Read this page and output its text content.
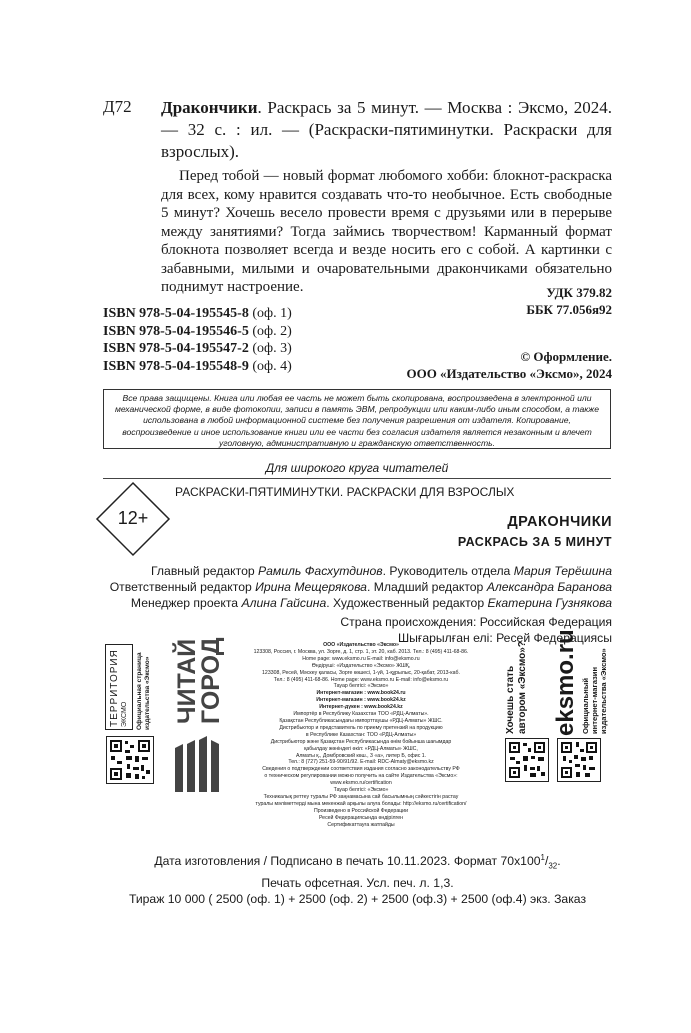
Д72 Дракончики. Раскрась за 5 минут. — Москва : Эксмо, 2024. — 32 с. : ил. — (Раскраски-пятиминутки. Раскраски для взрослых).
Перед тобой — новый формат любомого хобби: блокнот-раскраска для всех, кому нравится создавать что-то необычное. Есть свободные 5 минут? Хочешь весело провести время с друзьями или в перерыве между занятиями? Тогда займись творчеством! Карманный формат блокнота позволяет всегда и везде носить его с собой. А картинки с забавными, милыми и очаровательными дракончиками обязательно поднимут настроение.	УДК 379.82
ББК 77.056я92
ISBN 978-5-04-195545-8 (оф. 1)
ISBN 978-5-04-195546-5 (оф. 2)
ISBN 978-5-04-195547-2 (оф. 3)
ISBN 978-5-04-195548-9 (оф. 4)
© Оформление.
ООО «Издательство «Эксмо», 2024
Все права защищены. Книга или любая ее часть не может быть скопирована, воспроизведена в электронной или механической форме, в виде фотокопии, записи в память ЭВМ, репродукции или каким-либо иным способом, а также использована в любой информационной системе без получения разрешения от издателя. Копирование, воспроизведение и иное использование книги или ее части без согласия издателя является незаконным и влечет уголовную, административную и гражданскую ответственность.
Для широкого круга читателей
12+
РАСКРАСКИ-ПЯТИМИНУТКИ. РАСКРАСКИ ДЛЯ ВЗРОСЛЫХ
ДРАКОНЧИКИ
РАСКРАСЬ ЗА 5 МИНУТ
Главный редактор Рамиль Фасхутдинов. Руководитель отдела Мария Терёшина
Ответственный редактор Ирина Мещерякова. Младший редактор Александра Баранова
Менеджер проекта Алина Гайсина. Художественный редактор Екатерина Гузнякова
Страна происхождения: Российская Федерация
Шығарылған елі: Ресей Федерациясы
ТЕРРИТОРИЯ ЭКСМО Официальная страница издательства «Эксмо» ЧИТАЙ
ГОРОД	ООО «Издательство «Эксмо»
123308, Россия, г. Москва, ул. Зорге, д. 1, стр. 1, эт. 20, каб. 2013. Тел.: 8 (495) 411-68-86.
Home page: www.eksmo.ru E-mail: info@eksmo.ru
Өндіруші: «Издательство «Эксмо» ЖШҚ,
123308, Ресей, Мәскеу қаласы, Зорге көшесі, 1-үй, 1-құрылыс, 20-қабат, 2013-каб.
Тел.: 8 (495) 411-68-86. Home page: www.eksmo.ru E-mail: info@eksmo.ru
Тауар белгісі: «Эксмо»
Интернет-магазин : www.book24.ru
Интернет-магазин : www.book24.kz
Интернет-дүкен : www.book24.kz
Импортёр в Республику Казахстан ТОО «РДЦ-Алматы».
Қазақстан Республикасындағы импорттаушы «РДЦ-Алматы» ЖШС.
Дистрибьютор и представитель по приему претензий на продукцию
в Республике Казахстан: ТОО «РДЦ-Алматы»
Дистрибьютор және Қазақстан Республикасында өнім бойынша шағымдар
қабылдау жөніндегі өкіл: «РДЦ-Алматы» ЖШС,
Алматы қ., Домбровский көш., 3 «а», литер Б, офис 1.
Тел.: 8 (727) 251-59-90/91/92. E-mail: RDC-Almaty@eksmo.kz
Сведения о подтверждении соответствия издания согласно законодательству РФ
о техническом регулировании можно получить на сайте Издательства «Эксмо»:
www.eksmo.ru/certification
Тауар белгісі: «Эксмо»
Техникалық реттеу туралы РФ заңнамасына сай басылымның сәйкестігін растау
туралы мәліметтерді мына мекенжай арқылы алуға болады: http://eksmo.ru/certification/
Произведено в Российской Федерации
Ресей Федерациясында өндірілген
Сертификаттауға жатпайды
Хочешь стать автором «Эксмо»? eksmo.ru Официальный интернет-магазин издательства «Эксмо»
Дата изготовления / Подписано в печать 10.11.2023. Формат $70х100^1/_{32}$.
Печать офсетная. Усл. печ. л. 1,3.
Тираж 10 000 ( 2500 (оф. 1) + 2500 (оф. 2) + 2500 (оф.3) + 2500 (оф.4) экз. Заказ
